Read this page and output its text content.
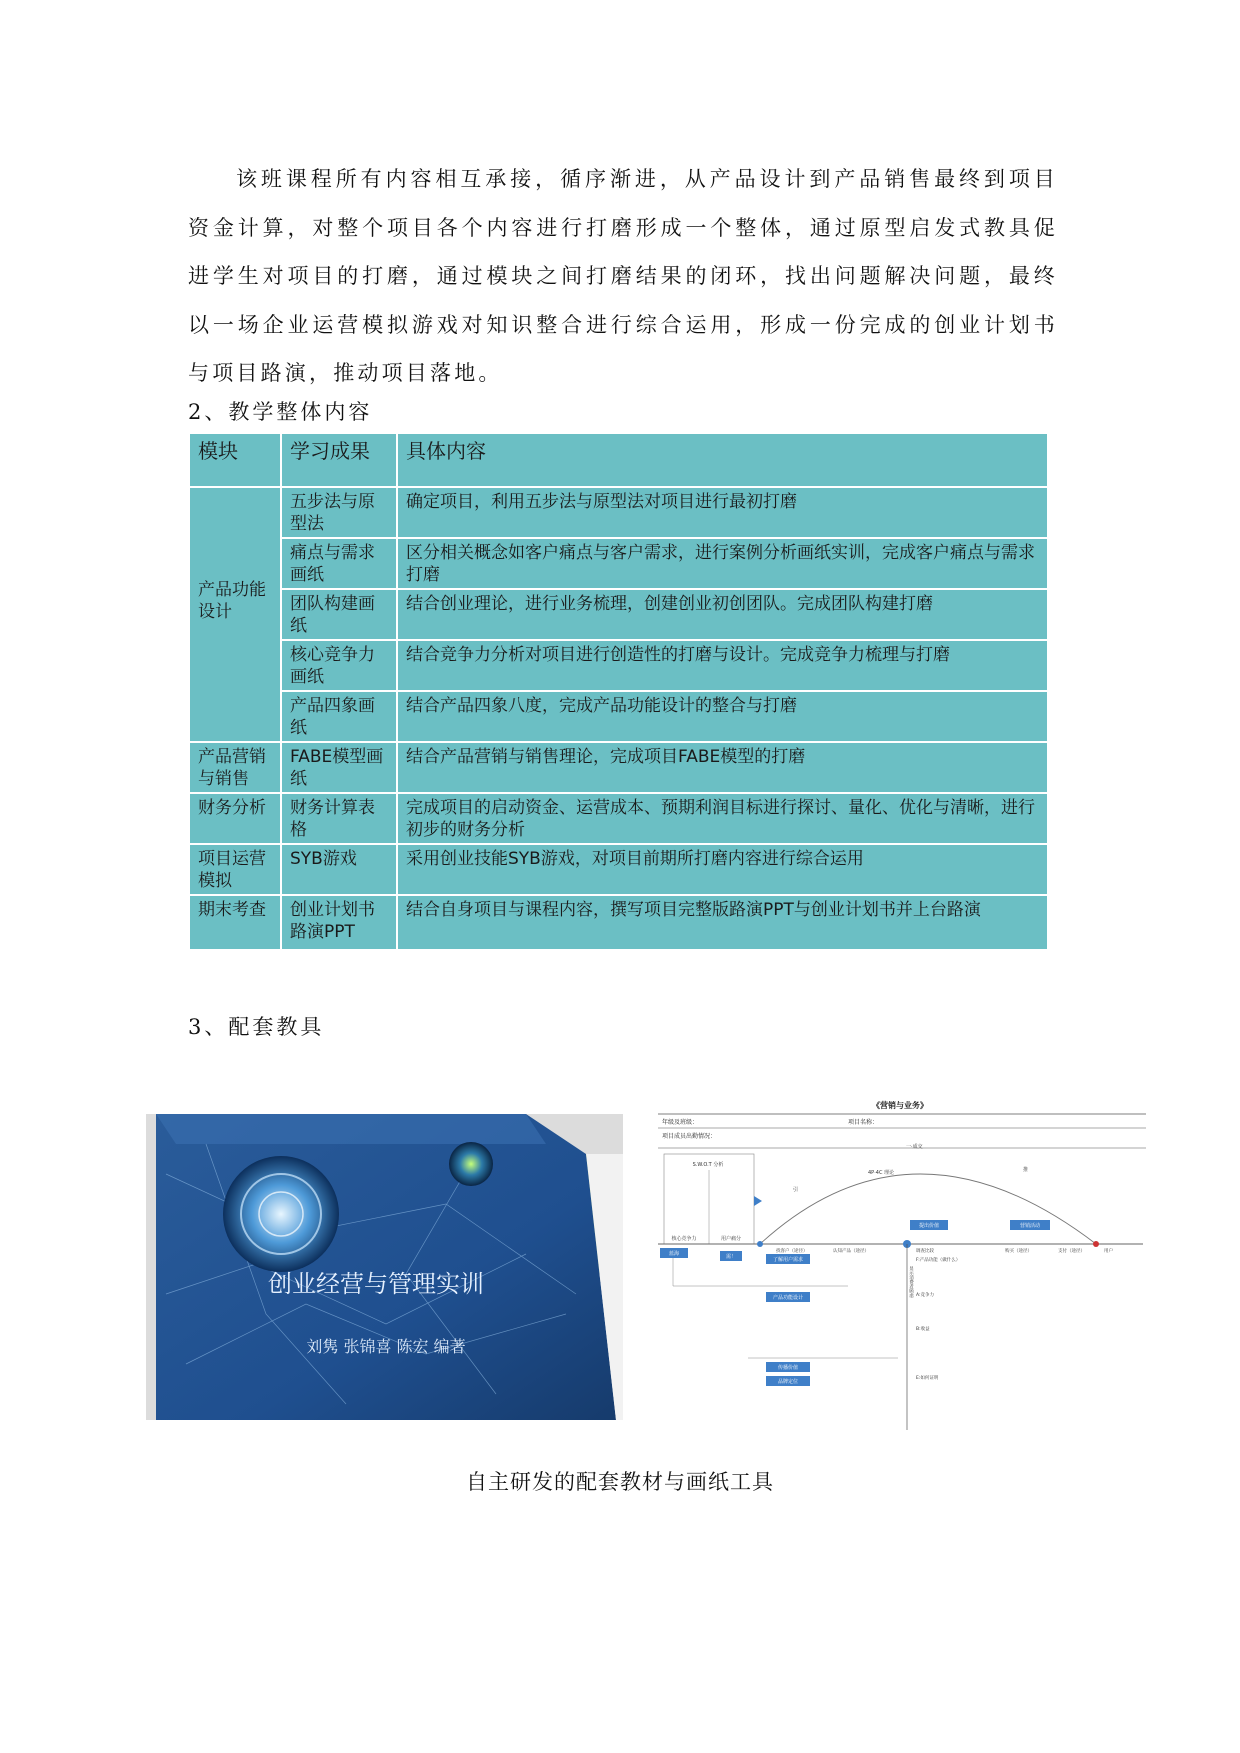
该班课程所有内容相互承接，循序渐进，从产品设计到产品销售最终到项目资金计算，对整个项目各个内容进行打磨形成一个整体，通过原型启发式教具促进学生对项目的打磨，通过模块之间打磨结果的闭环，找出问题解决问题，最终以一场企业运营模拟游戏对知识整合进行综合运用，形成一份完成的创业计划书与项目路演，推动项目落地。

2、教学整体内容

模块	学习成果	具体内容
产品功能设计	五步法与原型法	确定项目，利用五步法与原型法对项目进行最初打磨
	痛点与需求画纸	区分相关概念如客户痛点与客户需求，进行案例分析画纸实训，完成客户痛点与需求打磨
	团队构建画纸	结合创业理论，进行业务梳理，创建创业初创团队。完成团队构建打磨
	核心竞争力画纸	结合竞争力分析对项目进行创造性的打磨与设计。完成竞争力梳理与打磨
	产品四象画纸	结合产品四象八度，完成产品功能设计的整合与打磨
产品营销与销售	FABE模型画纸	结合产品营销与销售理论，完成项目FABE模型的打磨
财务分析	财务计算表格	完成项目的启动资金、运营成本、预期利润目标进行探讨、量化、优化与清晰，进行初步的财务分析
项目运营模拟	SYB游戏	采用创业技能SYB游戏，对项目前期所打磨内容进行综合运用
期末考查	创业计划书路演PPT	结合自身项目与课程内容，撰写项目完整版路演PPT与创业计划书并上台路演

3、配套教具

创业经营与管理实训
刘隽 张锦喜 陈宏 编著
《营销与业务》
年级及班级：	项目名称：
项目成员出勤情况：
S.W.O.T 分析
核心竞争力	用户痛分
引
4P·4C 理论
一·成交
推
提出价值	营销活动
找客户（途径）	认知产品（途径）	调查比较	购买（途径）	支付（途径）	用户
蓝海	需！	了解用户需求
显示消费者顾虑
产品功能设计
F:产品功能（做什么）
A:竞争力
B:收益
E:如何证明
传播价值
品牌定位

自主研发的配套教材与画纸工具
